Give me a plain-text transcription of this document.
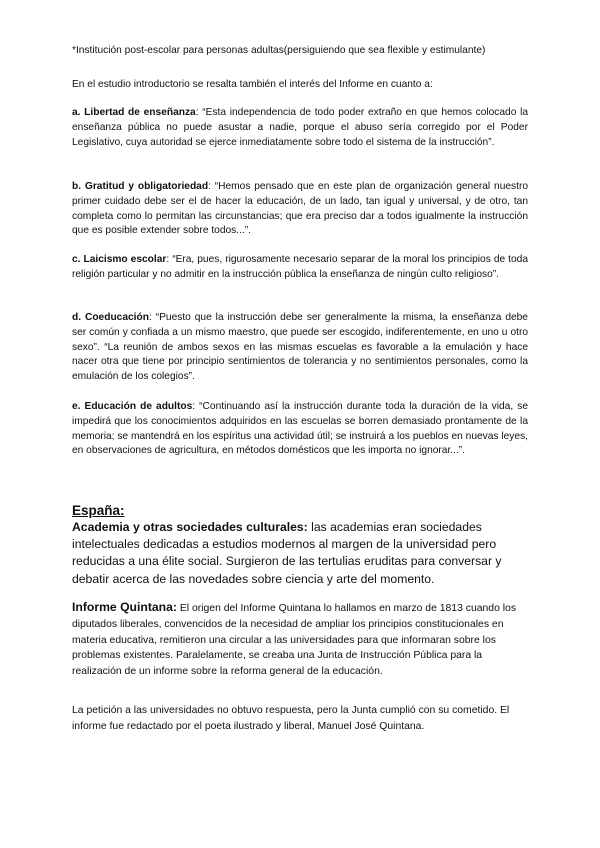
*Institución post-escolar para personas adultas(persiguiendo que sea flexible y estimulante)

En el estudio introductorio se resalta también el interés del Informe en cuanto a:

a. Libertad de enseñanza: “Esta independencia de todo poder extraño en que hemos colocado la enseñanza pública no puede asustar a nadie, porque el abuso sería corregido por el Poder Legislativo, cuya autoridad se ejerce inmediatamente sobre todo el sistema de la instrucción”.

b. Gratitud y obligatoriedad: “Hemos pensado que en este plan de organización general nuestro primer cuidado debe ser el de hacer la educación, de un lado, tan igual y universal, y de otro, tan completa como lo permitan las circunstancias; que era preciso dar a todos igualmente la instrucción que es posible extender sobre todos...”.

c. Laicismo escolar: “Era, pues, rigurosamente necesario separar de la moral los principios de toda religión particular y no admitir en la instrucción pública la enseñanza de ningún culto religioso”.

d. Coeducación: “Puesto que la instrucción debe ser generalmente la misma, la enseñanza debe ser común y confiada a un mismo maestro, que puede ser escogido, indiferentemente, en uno u otro sexo”. “La reunión de ambos sexos en las mismas escuelas es favorable a la emulación y hace nacer otra que tiene por principio sentimientos de tolerancia y no sentimientos personales, como la emulación de los colegios”.

e. Educación de adultos: “Continuando así la instrucción durante toda la duración de la vida, se impedirá que los conocimientos adquiridos en las escuelas se borren demasiado prontamente de la memoria; se mantendrá en los espíritus una actividad útil; se instruirá a los pueblos en nuevas leyes, en observaciones de agricultura, en métodos domésticos que les importa no ignorar...”.

España:

Academia y otras sociedades culturales: las academias eran sociedades intelectuales dedicadas a estudios modernos al margen de la universidad pero reducidas a una élite social. Surgieron de las tertulias eruditas para conversar y debatir acerca de las novedades sobre ciencia y arte del momento.

Informe Quintana: El origen del Informe Quintana lo hallamos en marzo de 1813 cuando los diputados liberales, convencidos de la necesidad de ampliar los principios constitucionales en materia educativa, remitieron una circular a las universidades para que informaran sobre los problemas existentes. Paralelamente, se creaba una Junta de Instrucción Pública para la realización de un informe sobre la reforma general de la educación.

La petición a las universidades no obtuvo respuesta, pero la Junta cumplió con su cometido. El informe fue redactado por el poeta ilustrado y liberal, Manuel José Quintana.
